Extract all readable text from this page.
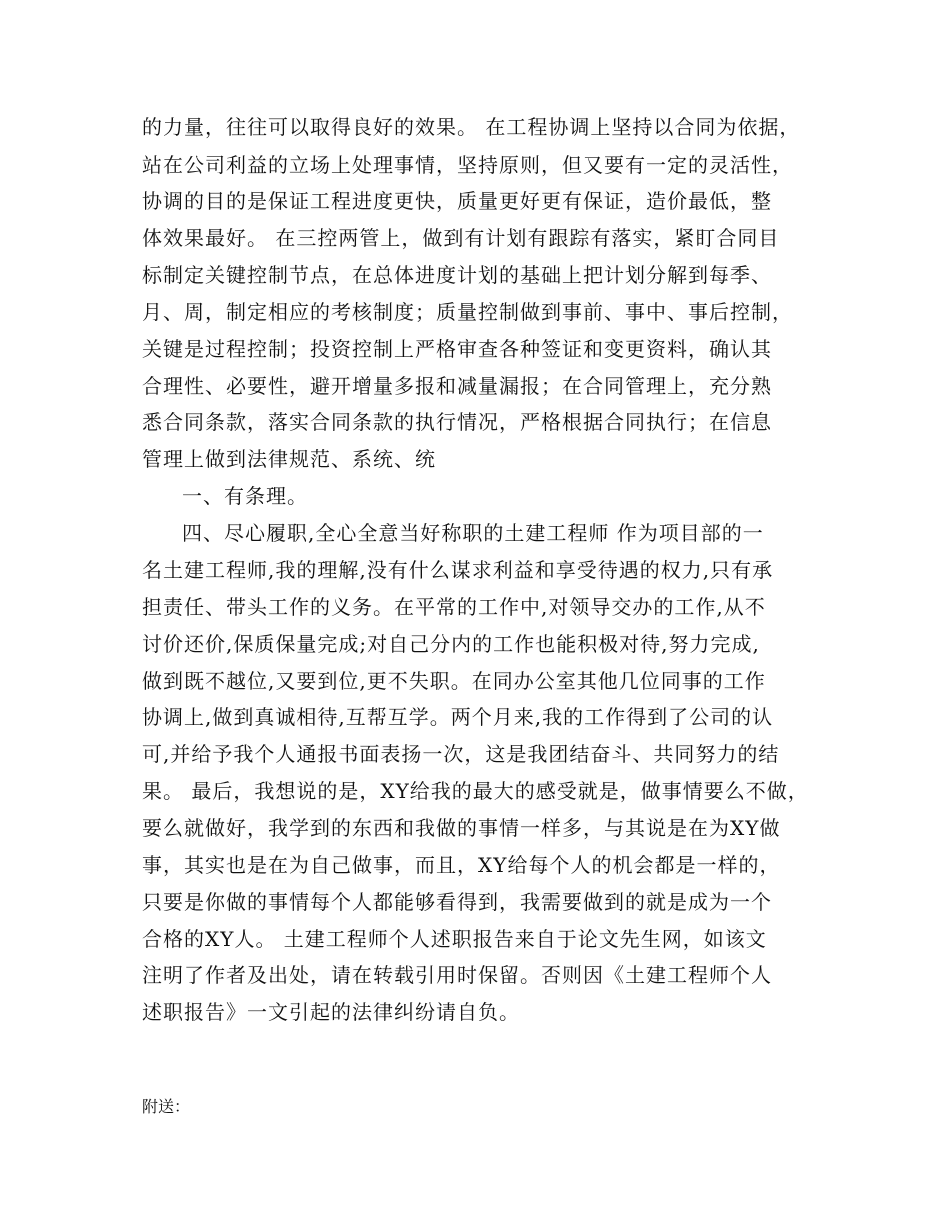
的力量，往往可以取得良好的效果。 在工程协调上坚持以合同为依据，
站在公司利益的立场上处理事情，坚持原则，但又要有一定的灵活性，
协调的目的是保证工程进度更快，质量更好更有保证，造价最低，整
体效果最好。 在三控两管上，做到有计划有跟踪有落实，紧盯合同目
标制定关键控制节点，在总体进度计划的基础上把计划分解到每季、
月、周，制定相应的考核制度；质量控制做到事前、事中、事后控制，
关键是过程控制；投资控制上严格审查各种签证和变更资料，确认其
合理性、必要性，避开增量多报和减量漏报；在合同管理上，充分熟
悉合同条款，落实合同条款的执行情况，严格根据合同执行；在信息
管理上做到法律规范、系统、统
一、有条理。
四、尽心履职,全心全意当好称职的土建工程师 作为项目部的一
名土建工程师,我的理解,没有什么谋求利益和享受待遇的权力,只有承
担责任、带头工作的义务。在平常的工作中,对领导交办的工作,从不
讨价还价,保质保量完成;对自己分内的工作也能积极对待,努力完成,
做到既不越位,又要到位,更不失职。在同办公室其他几位同事的工作
协调上,做到真诚相待,互帮互学。两个月来,我的工作得到了公司的认
可,并给予我个人通报书面表扬一次，这是我团结奋斗、共同努力的结
果。 最后，我想说的是，XY给我的最大的感受就是，做事情要么不做，
要么就做好，我学到的东西和我做的事情一样多，与其说是在为XY做
事，其实也是在为自己做事，而且，XY给每个人的机会都是一样的，
只要是你做的事情每个人都能够看得到，我需要做到的就是成为一个
合格的XY人。 土建工程师个人述职报告来自于论文先生网，如该文
注明了作者及出处，请在转载引用时保留。否则因《土建工程师个人
述职报告》一文引起的法律纠纷请自负。
附送：
